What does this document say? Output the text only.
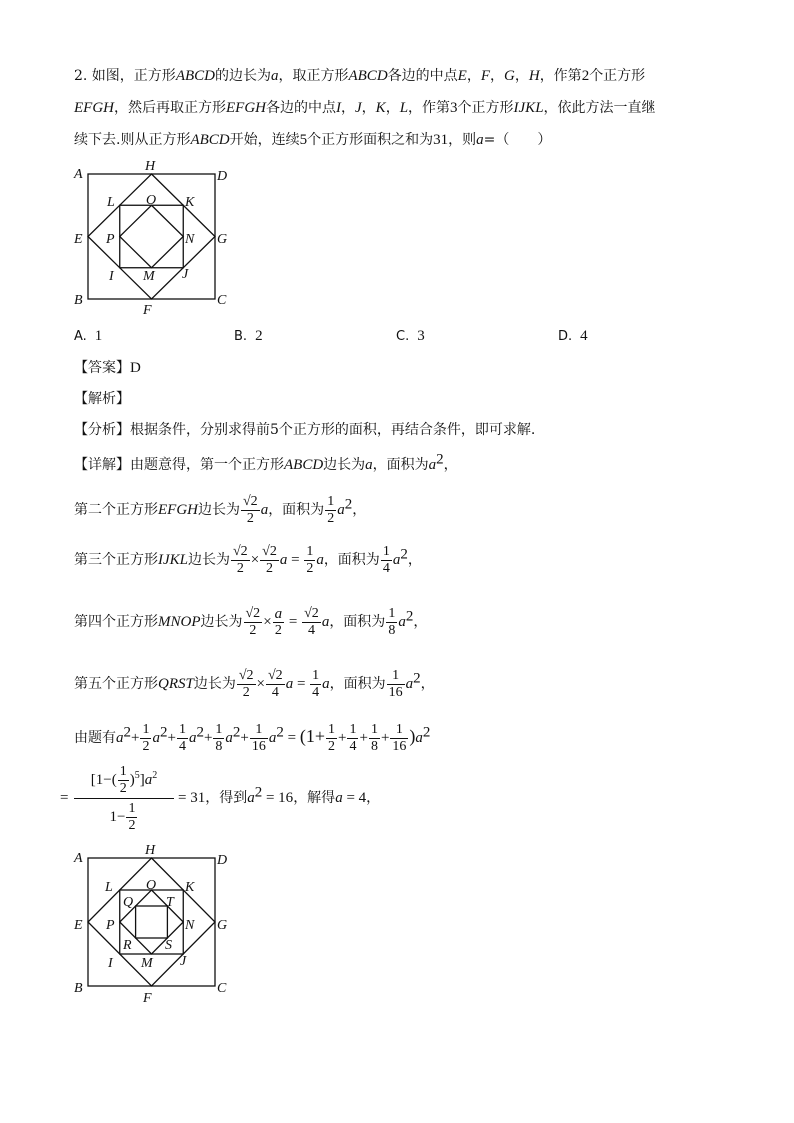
2. 如图，正方形ABCD的边长为a，取正方形ABCD各边的中点E，F，G，H，作第2个正方形
EFGH，然后再取正方形EFGH各边的中点I，J，K，L，作第3个正方形IJKL，依此方法一直继
续下去.则从正方形ABCD开始，连续5个正方形面积之和为31，则a=（　　）
A
H
D
L O K
E P	N G
I M J
B
F
C
A. 1	B. 2	C. 3	D. 4
【答案】D
【解析】
【分析】根据条件，分别求得前5个正方形的面积，再结合条件，即可求解.
【详解】由题意得，第一个正方形ABCD边长为a，面积为$a^2$，
第二个正方形EFGH边长为 $\frac{√2}{2}$ a，面积为 $\frac{1}{2} a^2$，
第三个正方形IJKL边长为 $\frac{√2}{2} \times \frac{√2}{2}$ $a = \frac{1}{2}$ a，面积为 $\frac{1}{4} a^2$，
第四个正方形MNOP边长为 $\frac{√2}{2} \times \frac{a}{2} = \frac{√2}{4}$ a，面积为 $\frac{1}{8} a^2$，
第五个正方形QRST边长为 $\frac{√2}{2} \times \frac{√2}{4}$ $a = \frac{1}{4}$ a，面积为 $\frac{1}{16} a^2$，
由题有$a^2+ \frac{1}{2} a^2+ \frac{1}{4} a^2+ \frac{1}{8} a^2+ \frac{1}{16} a^2 = (1+ \frac{1}{2} + \frac{1}{4} + \frac{1}{8} + \frac{1}{16} )a^2$
$\frac{[1-( \frac{1}{2} )^5]a^2}{1- \frac{1}{2}}$
=	= 31，得到$a^2 = 16$，解得a = 4，
A
H
D
L O K
Q T
E P	N G
R S
I M J
B
F
C
